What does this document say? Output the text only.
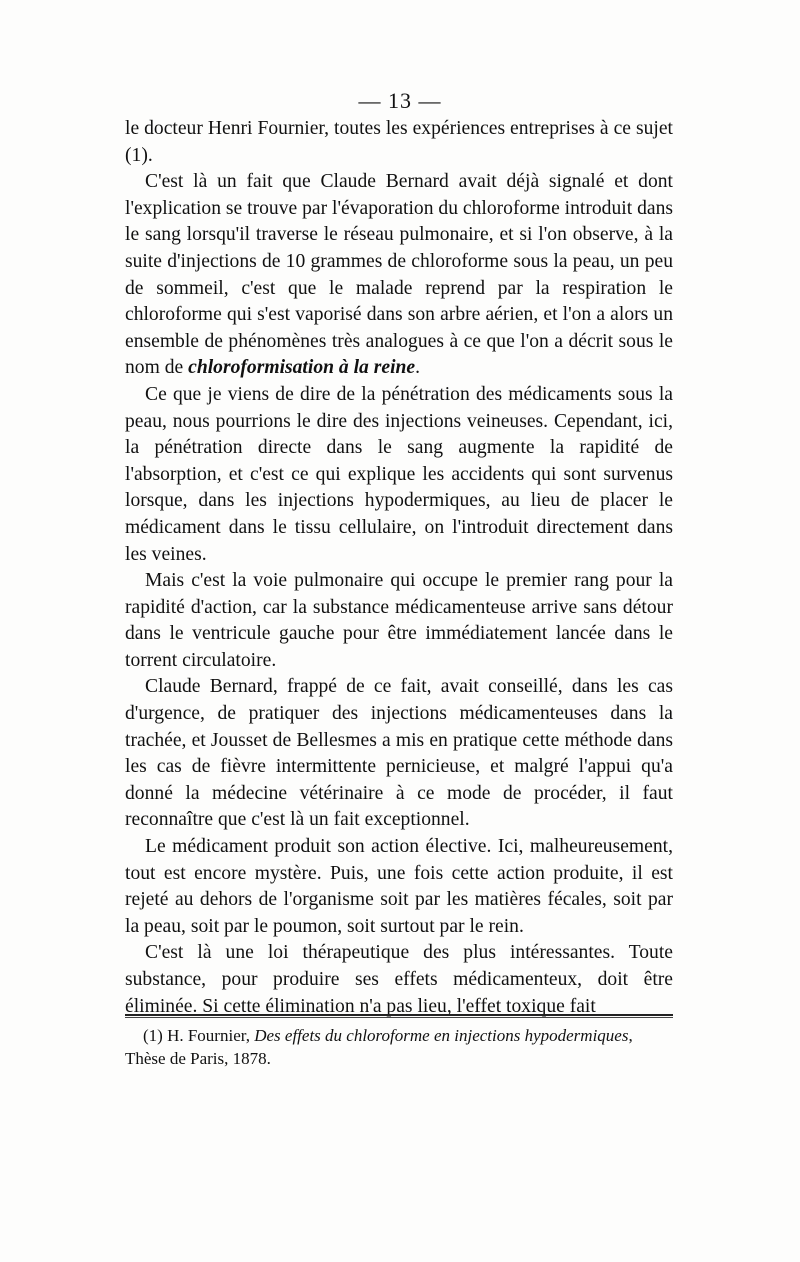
— 13 —

le docteur Henri Fournier, toutes les expériences entreprises à ce sujet (1).

C'est là un fait que Claude Bernard avait déjà signalé et dont l'explication se trouve par l'évaporation du chloroforme introduit dans le sang lorsqu'il traverse le réseau pulmonaire, et si l'on observe, à la suite d'injections de 10 grammes de chloroforme sous la peau, un peu de sommeil, c'est que le malade reprend par la respiration le chloroforme qui s'est vaporisé dans son arbre aérien, et l'on a alors un ensemble de phénomènes très analogues à ce que l'on a décrit sous le nom de chloroformisation à la reine.

Ce que je viens de dire de la pénétration des médicaments sous la peau, nous pourrions le dire des injections veineuses. Cependant, ici, la pénétration directe dans le sang augmente la rapidité de l'absorption, et c'est ce qui explique les accidents qui sont survenus lorsque, dans les injections hypodermiques, au lieu de placer le médicament dans le tissu cellulaire, on l'introduit directement dans les veines.

Mais c'est la voie pulmonaire qui occupe le premier rang pour la rapidité d'action, car la substance médicamenteuse arrive sans détour dans le ventricule gauche pour être immédiatement lancée dans le torrent circulatoire.

Claude Bernard, frappé de ce fait, avait conseillé, dans les cas d'urgence, de pratiquer des injections médicamenteuses dans la trachée, et Jousset de Bellesmes a mis en pratique cette méthode dans les cas de fièvre intermittente pernicieuse, et malgré l'appui qu'a donné la médecine vétérinaire à ce mode de procéder, il faut reconnaître que c'est là un fait exceptionnel.

Le médicament produit son action élective. Ici, malheureusement, tout est encore mystère. Puis, une fois cette action produite, il est rejeté au dehors de l'organisme soit par les matières fécales, soit par la peau, soit par le poumon, soit surtout par le rein.

C'est là une loi thérapeutique des plus intéressantes. Toute substance, pour produire ses effets médicamenteux, doit être éliminée. Si cette élimination n'a pas lieu, l'effet toxique fait

(1) H. Fournier, Des effets du chloroforme en injections hypodermiques,
Thèse de Paris, 1878.
